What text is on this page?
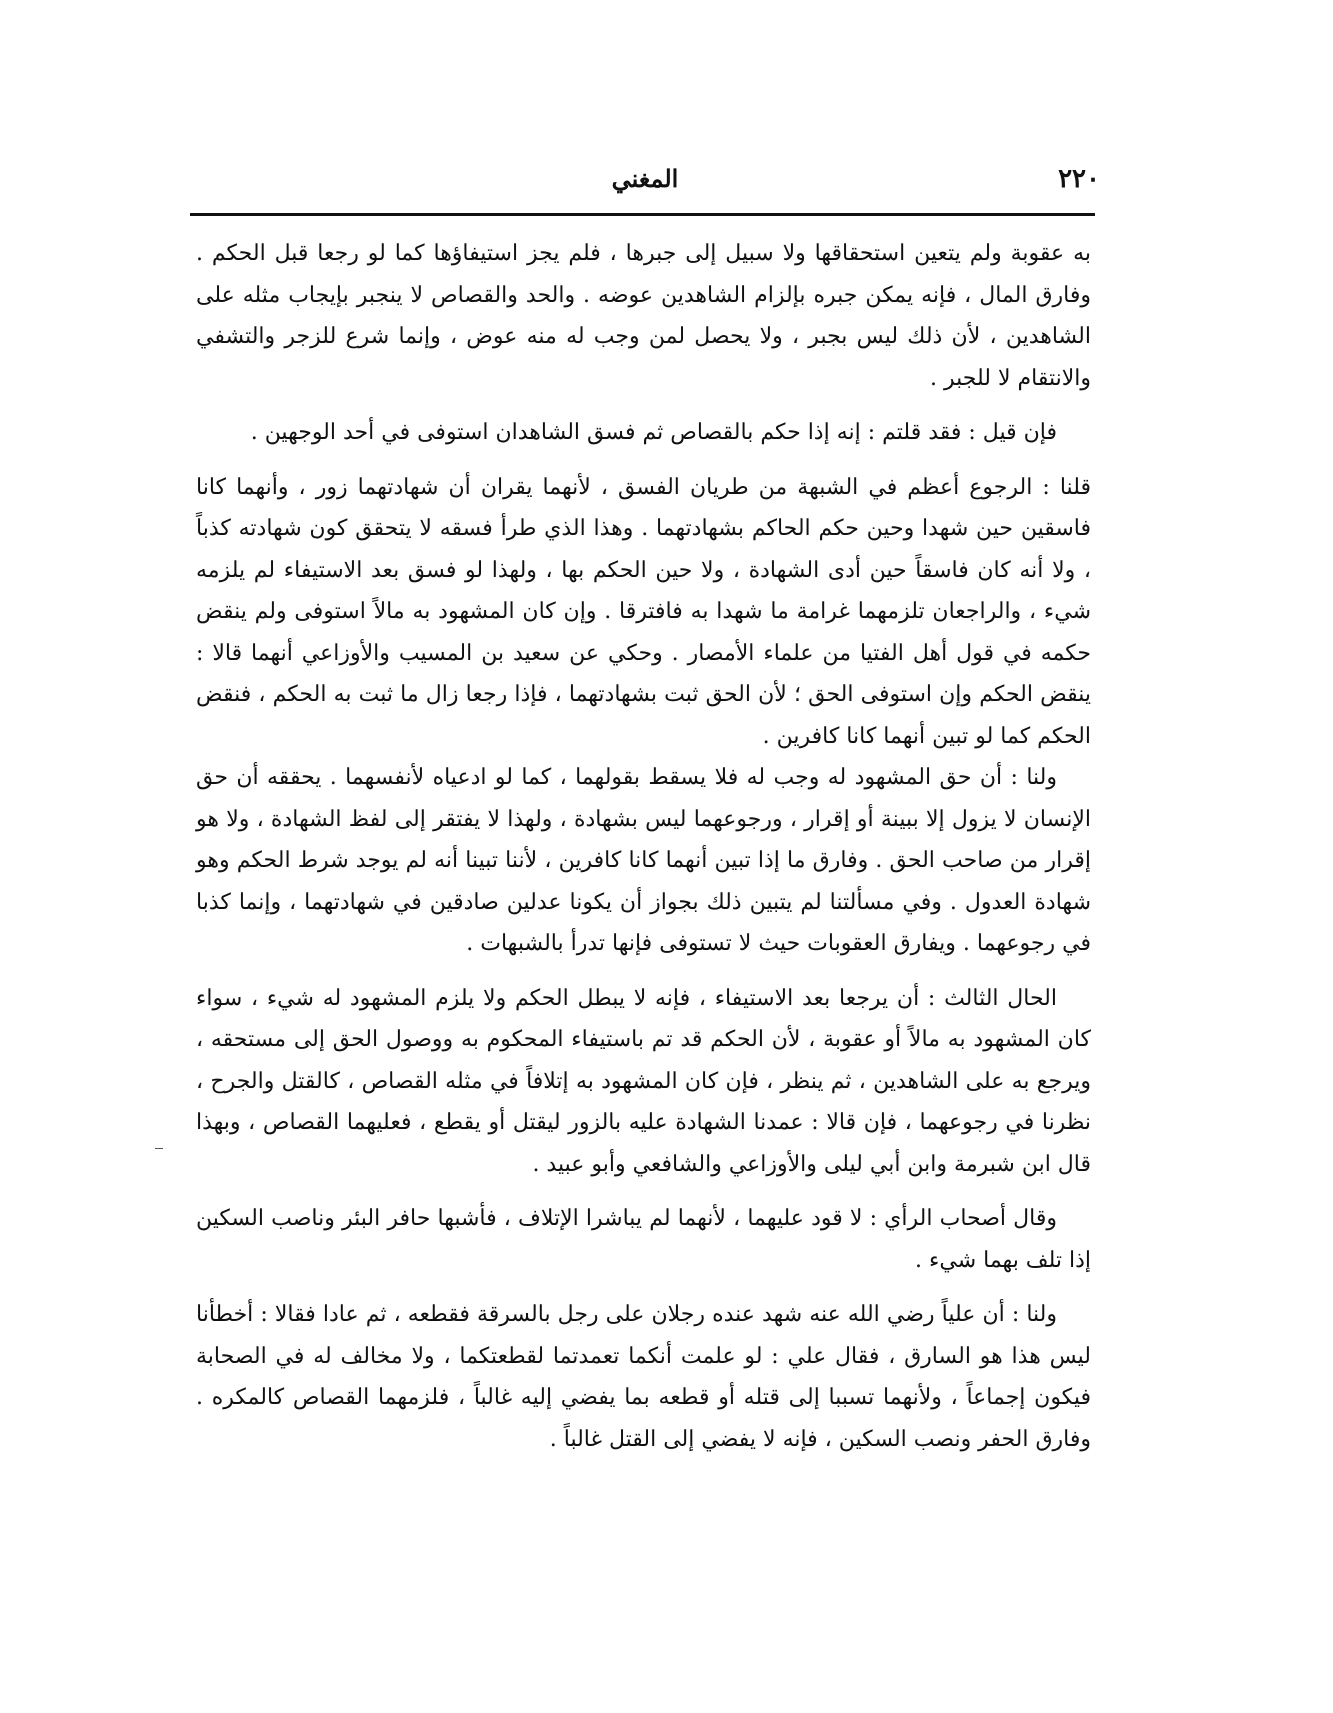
٢٢٠
المغني

به عقوبة ولم يتعين استحقاقها ولا سبيل إلى جبرها ، فلم يجز استيفاؤها كما لو رجعا قبل الحكم . وفارق المال ، فإنه يمكن جبره بإلزام الشاهدين عوضه . والحد والقصاص لا ينجبر بإيجاب مثله على الشاهدين ، لأن ذلك ليس بجبر ، ولا يحصل لمن وجب له منه عوض ، وإنما شرع للزجر والتشفي والانتقام لا للجبر .

فإن قيل : فقد قلتم : إنه إذا حكم بالقصاص ثم فسق الشاهدان استوفى في أحد الوجهين .

قلنا : الرجوع أعظم في الشبهة من طريان الفسق ، لأنهما يقران أن شهادتهما زور ، وأنهما كانا فاسقين حين شهدا وحين حكم الحاكم بشهادتهما . وهذا الذي طرأ فسقه لا يتحقق كون شهادته كذباً ، ولا أنه كان فاسقاً حين أدى الشهادة ، ولا حين الحكم بها ، ولهذا لو فسق بعد الاستيفاء لم يلزمه شيء ، والراجعان تلزمهما غرامة ما شهدا به فافترقا . وإن كان المشهود به مالاً استوفى ولم ينقض حكمه في قول أهل الفتيا من علماء الأمصار . وحكي عن سعيد بن المسيب والأوزاعي أنهما قالا : ينقض الحكم وإن استوفى الحق ؛ لأن الحق ثبت بشهادتهما ، فإذا رجعا زال ما ثبت به الحكم ، فنقض الحكم كما لو تبين أنهما كانا كافرين .

ولنا : أن حق المشهود له وجب له فلا يسقط بقولهما ، كما لو ادعياه لأنفسهما . يحققه أن حق الإنسان لا يزول إلا ببينة أو إقرار ، ورجوعهما ليس بشهادة ، ولهذا لا يفتقر إلى لفظ الشهادة ، ولا هو إقرار من صاحب الحق . وفارق ما إذا تبين أنهما كانا كافرين ، لأننا تبينا أنه لم يوجد شرط الحكم وهو شهادة العدول . وفي مسألتنا لم يتبين ذلك بجواز أن يكونا عدلين صادقين في شهادتهما ، وإنما كذبا في رجوعهما . ويفارق العقوبات حيث لا تستوفى فإنها تدرأ بالشبهات .

الحال الثالث : أن يرجعا بعد الاستيفاء ، فإنه لا يبطل الحكم ولا يلزم المشهود له شيء ، سواء كان المشهود به مالاً أو عقوبة ، لأن الحكم قد تم باستيفاء المحكوم به ووصول الحق إلى مستحقه ، ويرجع به على الشاهدين ، ثم ينظر ، فإن كان المشهود به إتلافاً في مثله القصاص ، كالقتل والجرح ، نظرنا في رجوعهما ، فإن قالا : عمدنا الشهادة عليه بالزور ليقتل أو يقطع ، فعليهما القصاص ، وبهذا قال ابن شبرمة وابن أبي ليلى والأوزاعي والشافعي وأبو عبيد .

وقال أصحاب الرأي : لا قود عليهما ، لأنهما لم يباشرا الإتلاف ، فأشبها حافر البئر وناصب السكين إذا تلف بهما شيء .

ولنا : أن علياً رضي الله عنه شهد عنده رجلان على رجل بالسرقة فقطعه ، ثم عادا فقالا : أخطأنا ليس هذا هو السارق ، فقال علي : لو علمت أنكما تعمدتما لقطعتكما ، ولا مخالف له في الصحابة فيكون إجماعاً ، ولأنهما تسببا إلى قتله أو قطعه بما يفضي إليه غالباً ، فلزمهما القصاص كالمكره . وفارق الحفر ونصب السكين ، فإنه لا يفضي إلى القتل غالباً .
